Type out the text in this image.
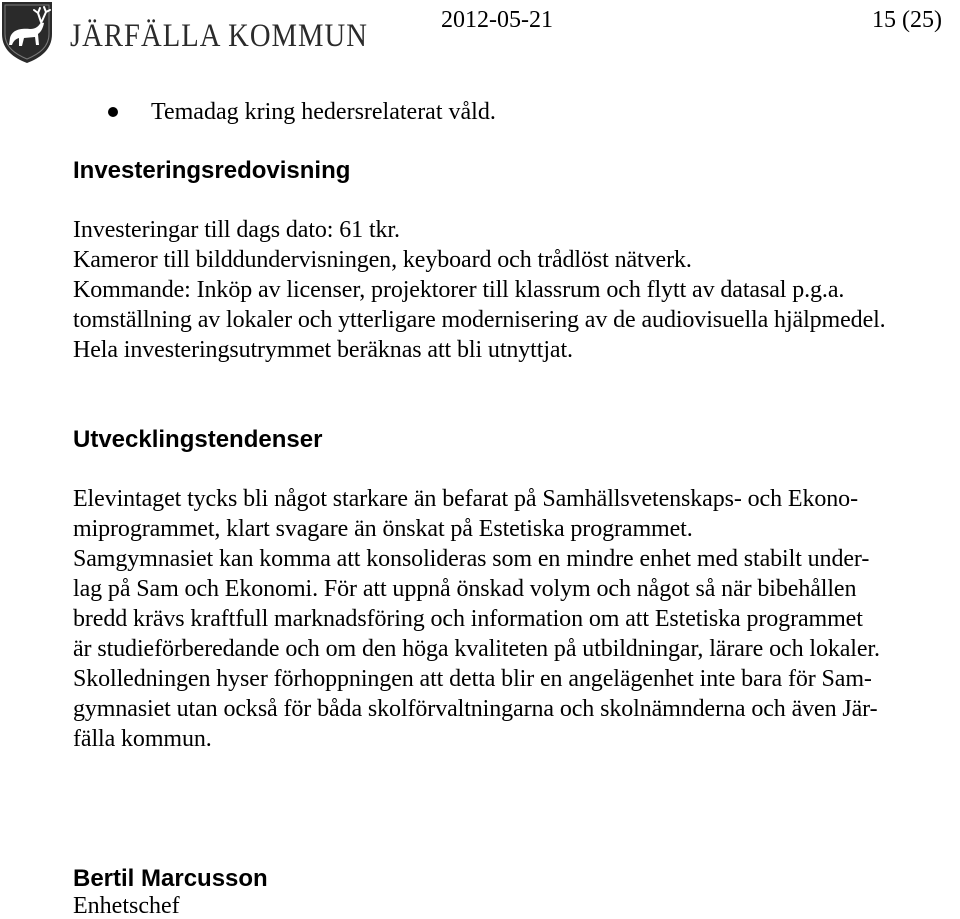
JÄRFÄLLA KOMMUN	2012-05-21	15 (25)
Temadag kring hedersrelaterat våld.
Investeringsredovisning
Investeringar till dags dato: 61 tkr.
Kameror till bilddundervisningen, keyboard och trådlöst nätverk.
Kommande: Inköp av licenser, projektorer till klassrum och flytt av datasal p.g.a.
tomställning av lokaler och ytterligare modernisering av de audiovisuella hjälpmedel.
Hela investeringsutrymmet beräknas att bli utnyttjat.
Utvecklingstendenser
Elevintaget tycks bli något starkare än befarat på Samhällsvetenskaps- och Ekono-
miprogrammet, klart svagare än önskat på Estetiska programmet.
Samgymnasiet kan komma att konsolideras som en mindre enhet med stabilt under-
lag på Sam och Ekonomi. För att uppnå önskad volym och något så när bibehållen
bredd krävs kraftfull marknadsföring och information om att Estetiska programmet
är studieförberedande och om den höga kvaliteten på utbildningar, lärare och lokaler.
Skolledningen hyser förhoppningen att detta blir en angelägenhet inte bara för Sam-
gymnasiet utan också för båda skolförvaltningarna och skolnämnderna och även Jär-
fälla kommun.
Bertil Marcusson
Enhetschef
